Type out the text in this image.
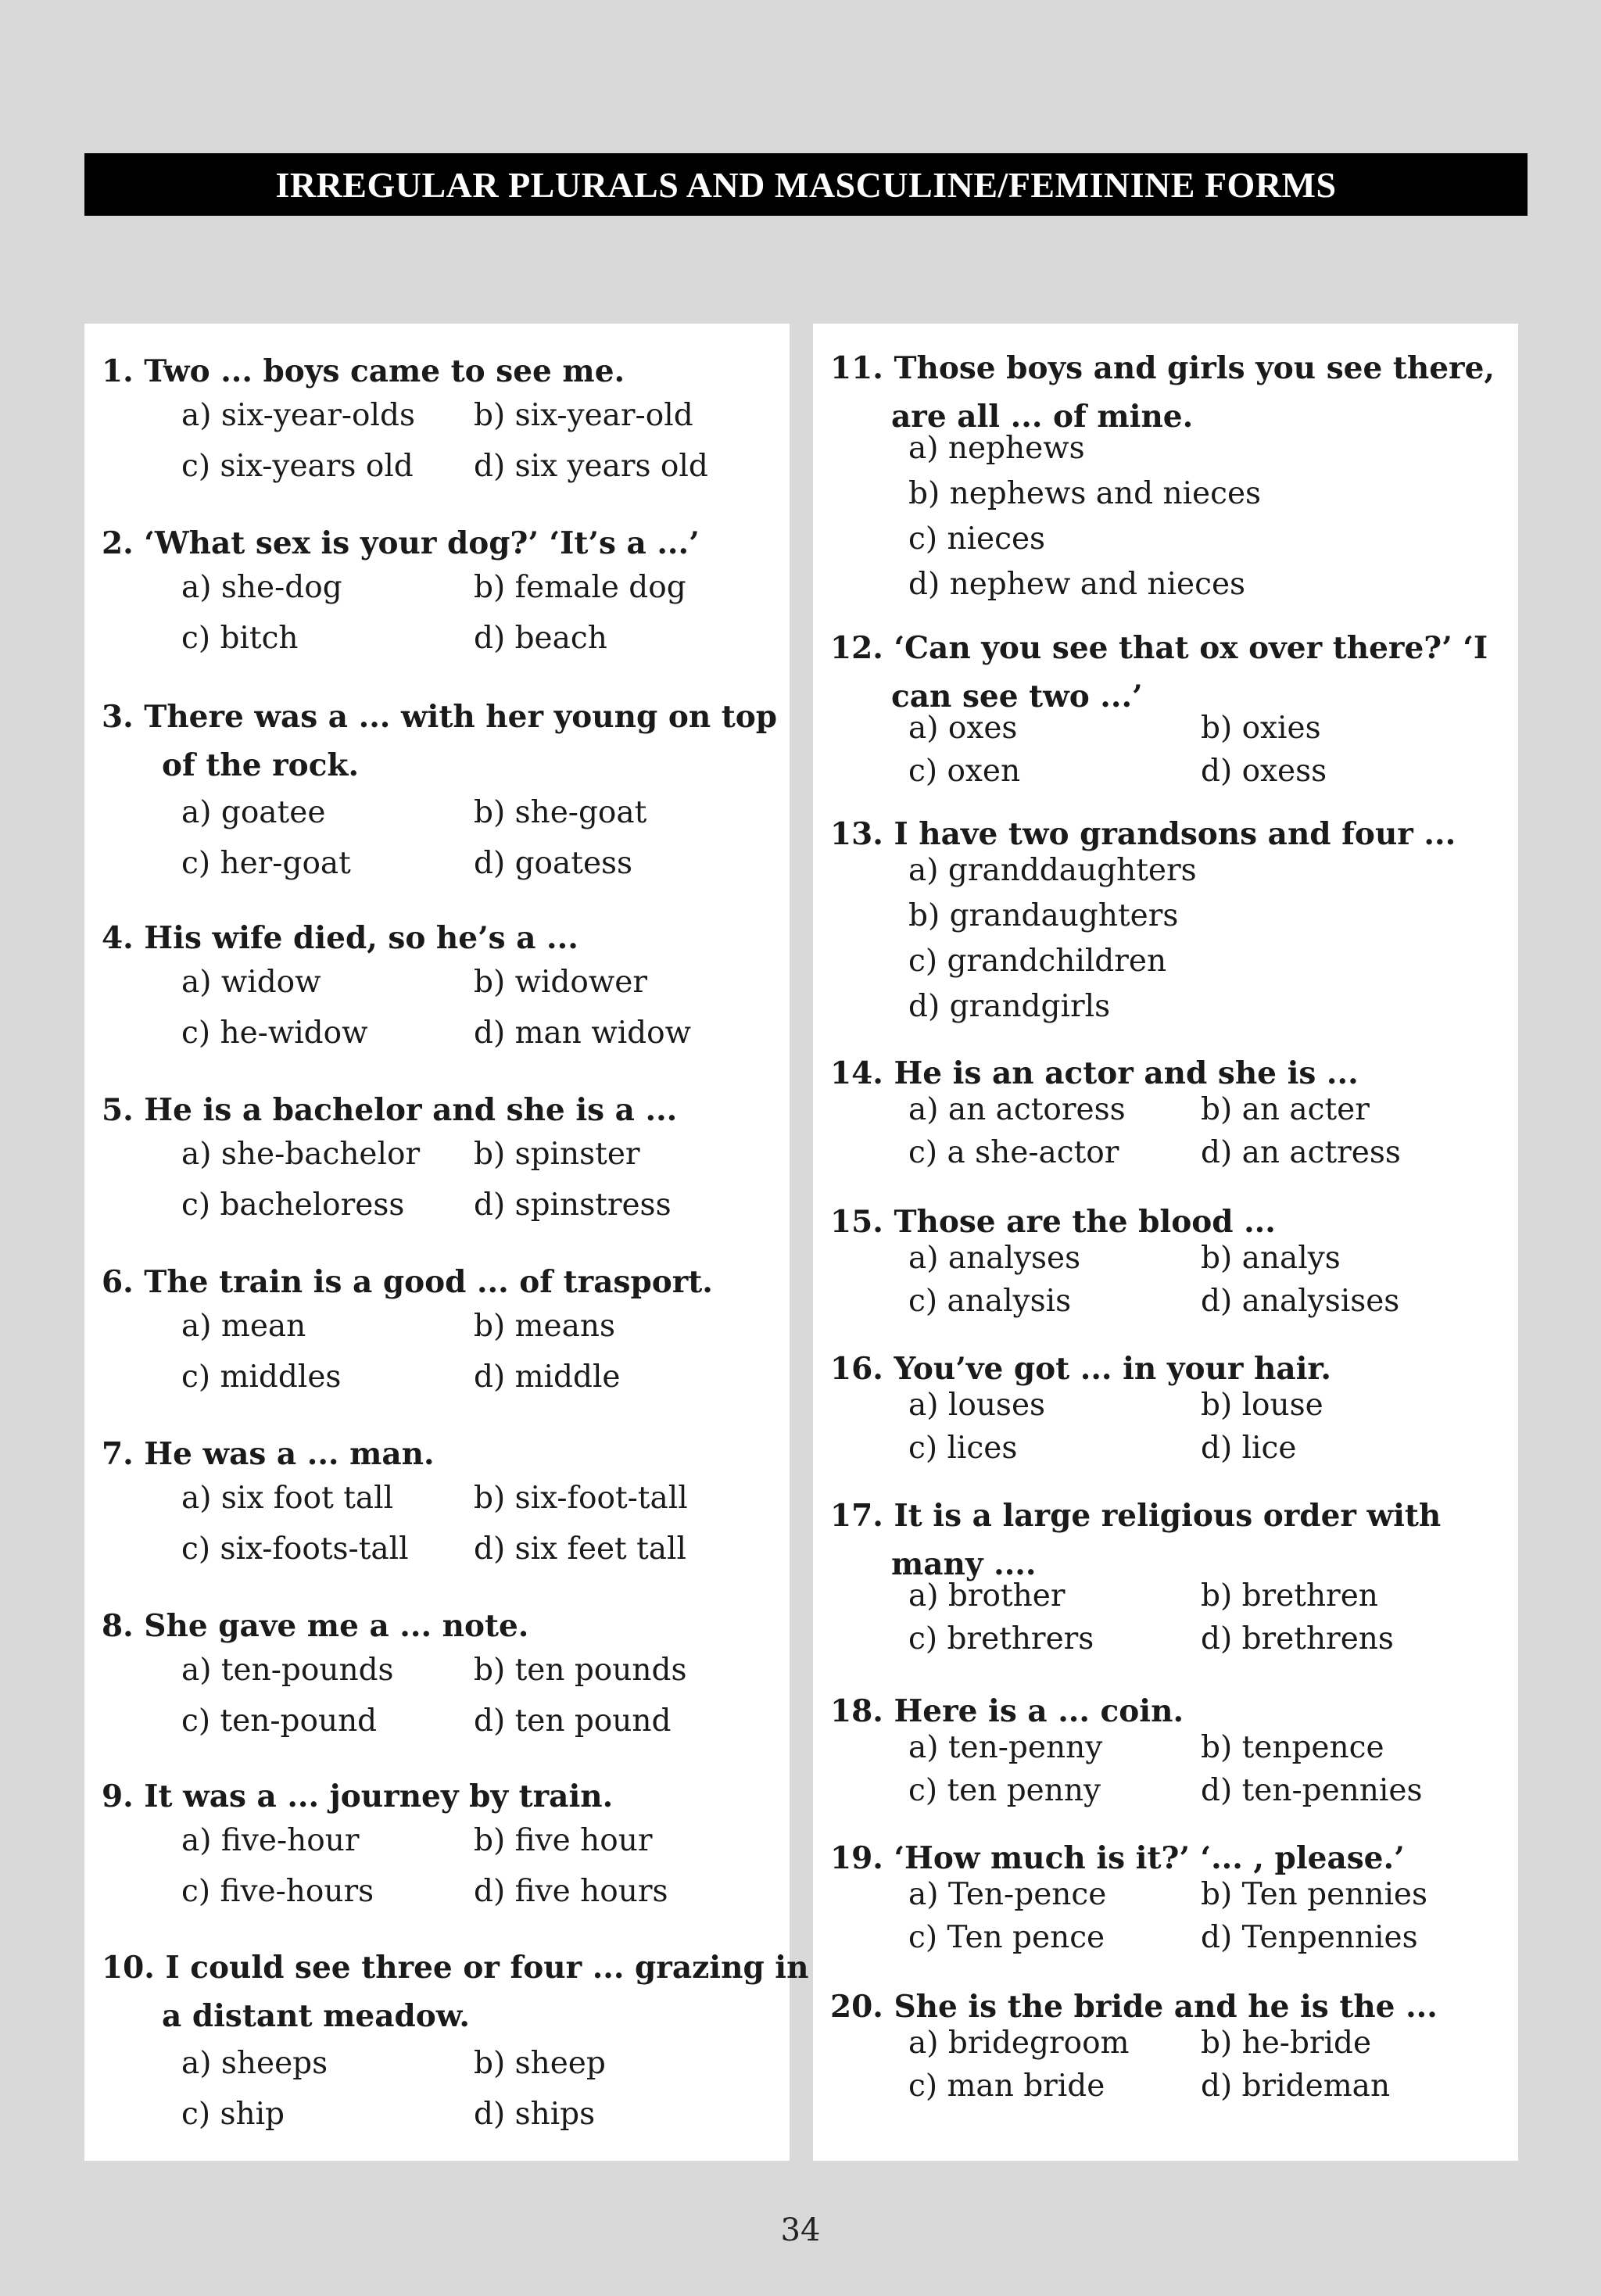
IRREGULAR PLURALS AND MASCULINE/FEMININE FORMS
1. Two ... boys came to see me.
a) six-year-olds b) six-year-old
c) six-years old d) six years old
2. ‘What sex is your dog?’ ‘It’s a ...’
a) she-dog	b) female dog
c) bitch	d) beach
3. There was a ... with her young on top
of the rock.
a) goatee	b) she-goat
c) her-goat	d) goatess
4. His wife died, so he’s a ...
a) widow	b) widower
c) he-widow	d) man widow
5. He is a bachelor and she is a ...
a) she-bachelor b) spinster
c) bacheloress d) spinstress
6. The train is a good ... of trasport.
a) mean	b) means
c) middles	d) middle
7. He was a ... man.
a) six foot tall	b) six-foot-tall
c) six-foots-tall d) six feet tall
8. She gave me a ... note.
a) ten-pounds	b) ten pounds
c) ten-pound	d) ten pound
9. It was a ... journey by train.
a) five-hour	b) five hour
c) five-hours	d) five hours
10. I could see three or four ... grazing in
a distant meadow.
a) sheeps	b) sheep
c) ship	d) ships
11. Those boys and girls you see there,
are all ... of mine.
a) nephews
b) nephews and nieces
c) nieces
d) nephew and nieces
12. ‘Can you see that ox over there?’ ‘I
can see two ...’
a) oxes	b) oxies
c) oxen	d) oxess
13. I have two grandsons and four ...
a) granddaughters
b) grandaughters
c) grandchildren
d) grandgirls
14. He is an actor and she is ...
a) an actoress b) an acter
c) a she-actor	d) an actress
15. Those are the blood ...
a) analyses	b) analys
c) analysis	d) analysises
16. You’ve got ... in your hair.
a) louses	b) louse
c) lices	d) lice
17. It is a large religious order with
many ....
a) brother	b) brethren
c) brethrers	d) brethrens
18. Here is a ... coin.
a) ten-penny	b) tenpence
c) ten penny	d) ten-pennies
19. ‘How much is it?’ ‘... , please.’
a) Ten-pence	b) Ten pennies
c) Ten pence	d) Tenpennies
20. She is the bride and he is the ...
a) bridegroom b) he-bride
c) man bride	d) brideman
34
